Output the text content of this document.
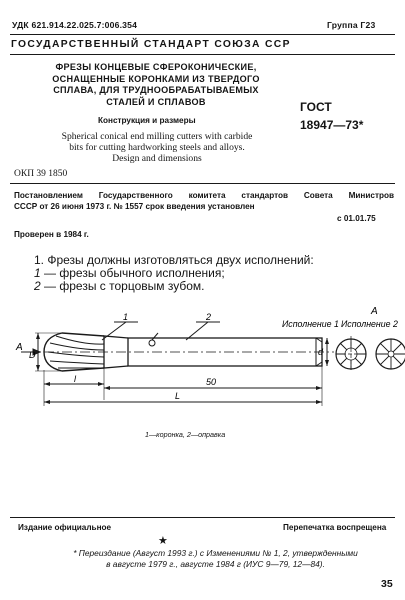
УДК 621.914.22.025.7:006.354	Группа Г23
ГОСУДАРСТВЕННЫЙ СТАНДАРТ СОЮЗА ССР
ФРЕЗЫ КОНЦЕВЫЕ СФЕРОКОНИЧЕСКИЕ,
ОСНАЩЕННЫЕ КОРОНКАМИ ИЗ ТВЕРДОГО
СПЛАВА, ДЛЯ ТРУДНООБРАБАТЫВАЕМЫХ
СТАЛЕЙ И СПЛАВОВ
Конструкция и размеры
Spherical conical end milling cutters with carbide
bits for cutting hardworking steels and alloys.
Design and dimensions
ГОСТ
18947—73*
ОКП 39 1850
Постановлением Государственного комитета стандартов Совета Министров
СССР от 26 июня 1973 г. № 1557 срок введения установлен
с 01.01.75
Проверен в 1984 г.
1. Фрезы должны изготовляться двух исполнений:
1 — фрезы обычного исполнения;
2 — фрезы с торцовым зубом.
А
D
А
Исполнение 1 Исполнение 2
1	2
d
l	50
L
1—коронка, 2—оправка
Издание официальное	Перепечатка воспрещена
★
* Переиздание (Август 1993 г.) с Изменениями № 1, 2, утвержденными
в августе 1979 г., августе 1984 г (ИУС 9—79, 12—84).
35
